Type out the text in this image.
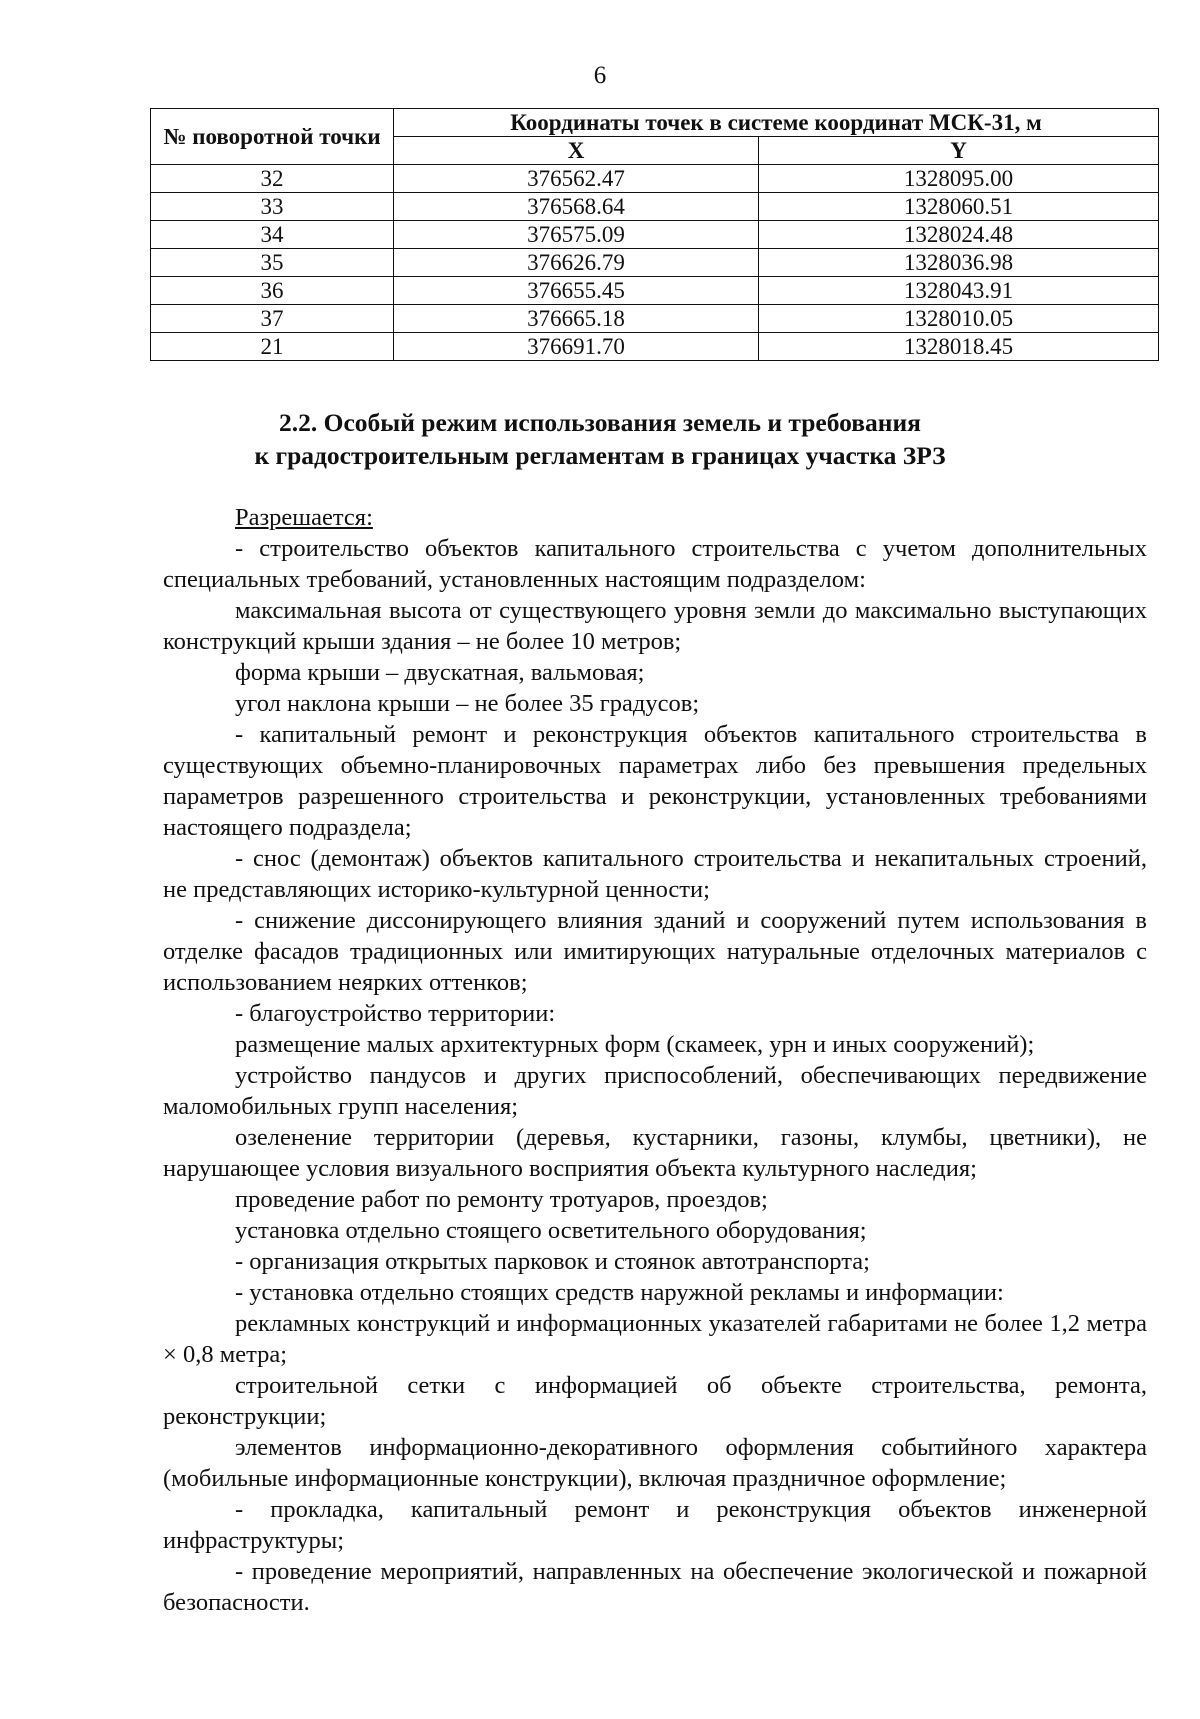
6
№ поворотной точки	Координаты точек в системе координат МСК-31, м	
	X	Y
32	376562.47	1328095.00
33	376568.64	1328060.51
34	376575.09	1328024.48
35	376626.79	1328036.98
36	376655.45	1328043.91
37	376665.18	1328010.05
21	376691.70	1328018.45
2.2. Особый режим использования земель и требования
к градостроительным регламентам в границах участка ЗРЗ

Разрешается:

- строительство объектов капитального строительства с учетом дополнительных специальных требований, установленных настоящим подразделом:

максимальная высота от существующего уровня земли до максимально выступающих конструкций крыши здания – не более 10 метров;

форма крыши – двускатная, вальмовая;

угол наклона крыши – не более 35 градусов;

- капитальный ремонт и реконструкция объектов капитального строительства в существующих объемно-планировочных параметрах либо без превышения предельных параметров разрешенного строительства и реконструкции, установленных требованиями настоящего подраздела;

- снос (демонтаж) объектов капитального строительства и некапитальных строений, не представляющих историко-культурной ценности;

- снижение диссонирующего влияния зданий и сооружений путем использования в отделке фасадов традиционных или имитирующих натуральные отделочных материалов с использованием неярких оттенков;

- благоустройство территории:

размещение малых архитектурных форм (скамеек, урн и иных сооружений);

устройство пандусов и других приспособлений, обеспечивающих передвижение маломобильных групп населения;

озеленение территории (деревья, кустарники, газоны, клумбы, цветники), не нарушающее условия визуального восприятия объекта культурного наследия;

проведение работ по ремонту тротуаров, проездов;

установка отдельно стоящего осветительного оборудования;

- организация открытых парковок и стоянок автотранспорта;

- установка отдельно стоящих средств наружной рекламы и информации:

рекламных конструкций и информационных указателей габаритами не более 1,2 метра × 0,8 метра;

строительной сетки с информацией об объекте строительства, ремонта, реконструкции;

элементов информационно-декоративного оформления событийного характера (мобильные информационные конструкции), включая праздничное оформление;

- прокладка, капитальный ремонт и реконструкция объектов инженерной инфраструктуры;

- проведение мероприятий, направленных на обеспечение экологической и пожарной безопасности.
